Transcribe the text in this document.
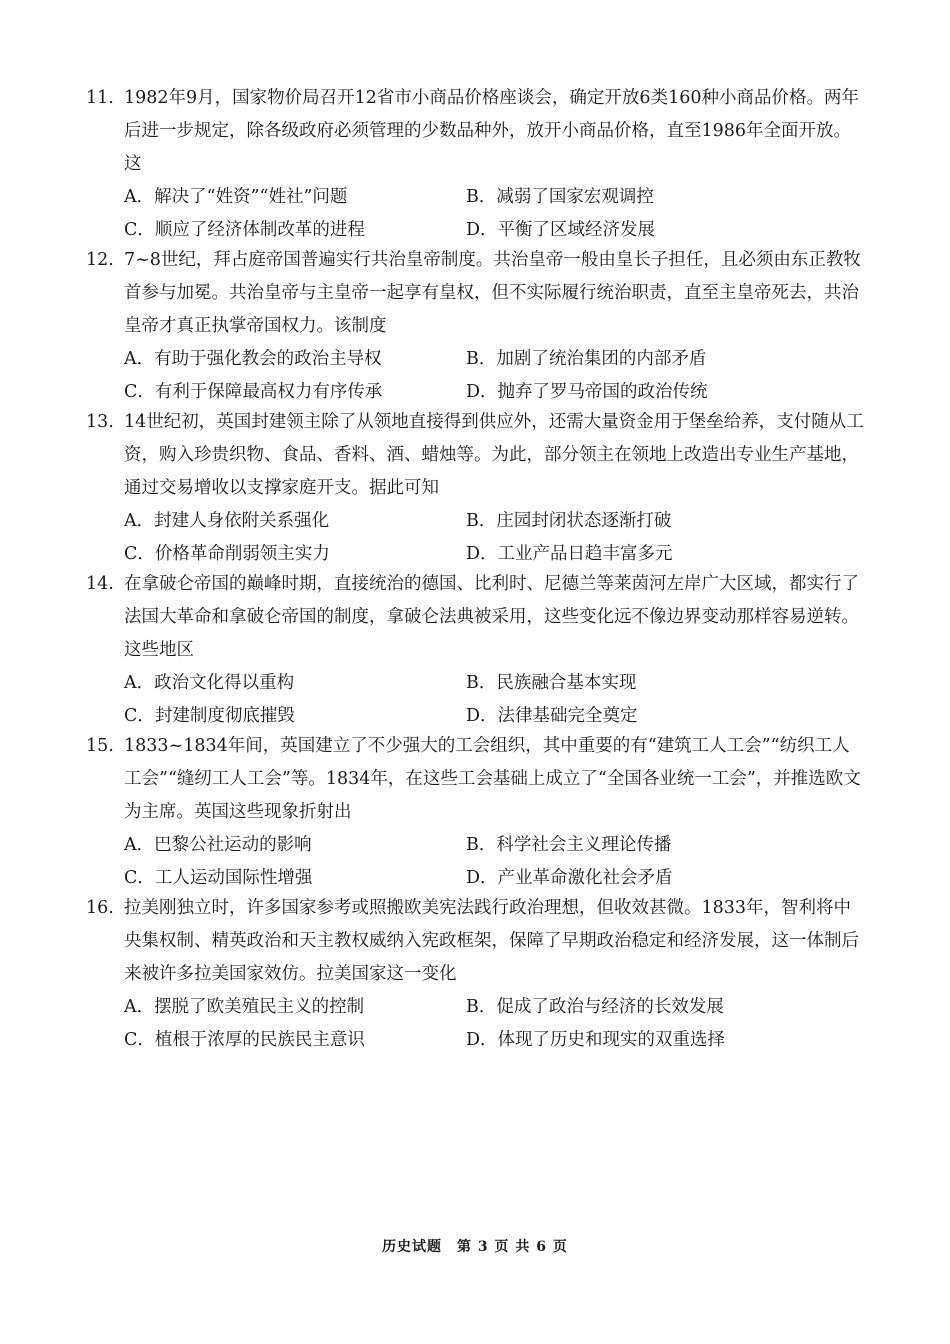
11. 1982年9月，国家物价局召开12省市小商品价格座谈会，确定开放6类160种小商品价格。两年后进一步规定，除各级政府必须管理的少数品种外，放开小商品价格，直至1986年全面开放。这
A．解决了“姓资”“姓社”问题	B．减弱了国家宏观调控
C．顺应了经济体制改革的进程	D．平衡了区域经济发展
12. 7~8世纪，拜占庭帝国普遍实行共治皇帝制度。共治皇帝一般由皇长子担任，且必须由东正教牧首参与加冕。共治皇帝与主皇帝一起享有皇权，但不实际履行统治职责，直至主皇帝死去，共治皇帝才真正执掌帝国权力。该制度
A．有助于强化教会的政治主导权	B．加剧了统治集团的内部矛盾
C．有利于保障最高权力有序传承	D．抛弃了罗马帝国的政治传统
13. 14世纪初，英国封建领主除了从领地直接得到供应外，还需大量资金用于堡垒给养，支付随从工资，购入珍贵织物、食品、香料、酒、蜡烛等。为此，部分领主在领地上改造出专业生产基地，通过交易增收以支撑家庭开支。据此可知
A．封建人身依附关系强化	B．庄园封闭状态逐渐打破
C．价格革命削弱领主实力	D．工业产品日趋丰富多元
14. 在拿破仑帝国的巅峰时期，直接统治的德国、比利时、尼德兰等莱茵河左岸广大区域，都实行了法国大革命和拿破仑帝国的制度，拿破仑法典被采用，这些变化远不像边界变动那样容易逆转。这些地区
A．政治文化得以重构	B．民族融合基本实现
C．封建制度彻底摧毁	D．法律基础完全奠定
15. 1833~1834年间，英国建立了不少强大的工会组织，其中重要的有“建筑工人工会”“纺织工人工会”“缝纫工人工会”等。1834年，在这些工会基础上成立了“全国各业统一工会”，并推选欧文为主席。英国这些现象折射出
A．巴黎公社运动的影响	B．科学社会主义理论传播
C．工人运动国际性增强	D．产业革命激化社会矛盾
16. 拉美刚独立时，许多国家参考或照搬欧美宪法践行政治理想，但收效甚微。1833年，智利将中央集权制、精英政治和天主教权威纳入宪政框架，保障了早期政治稳定和经济发展，这一体制后来被许多拉美国家效仿。拉美国家这一变化
A．摆脱了欧美殖民主义的控制	B．促成了政治与经济的长效发展
C．植根于浓厚的民族民主意识	D．体现了历史和现实的双重选择
历史试题　第 3 页 共 6 页
